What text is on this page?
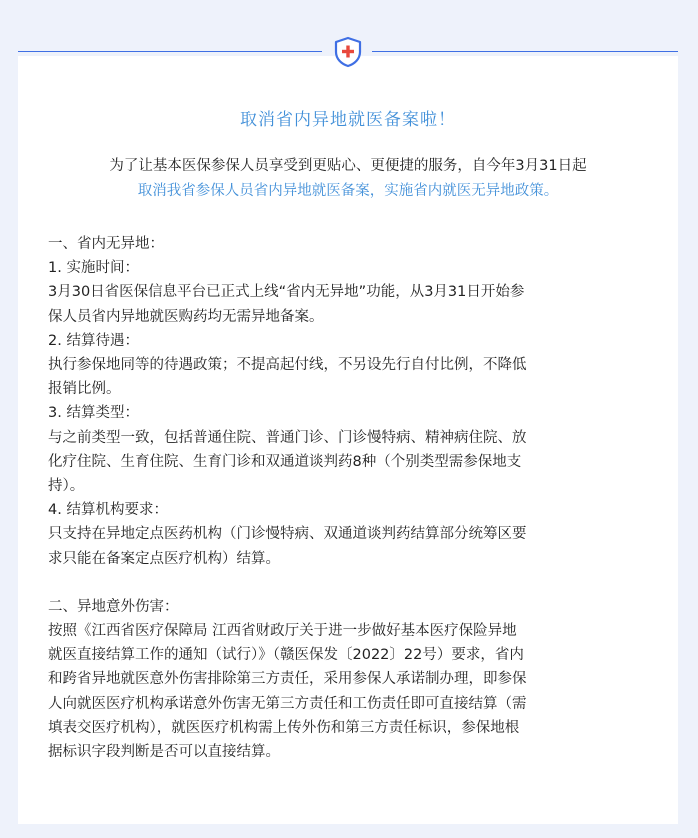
取消省内异地就医备案啦！
为了让基本医保参保人员享受到更贴心、更便捷的服务，自今年3月31日起
取消我省参保人员省内异地就医备案，实施省内就医无异地政策。

一、省内无异地：

1. 实施时间：

3月30日省医保信息平台已正式上线“省内无异地”功能，从3月31日开始参

保人员省内异地就医购药均无需异地备案。

2. 结算待遇：

执行参保地同等的待遇政策；不提高起付线，不另设先行自付比例，不降低

报销比例。

3. 结算类型：

与之前类型一致，包括普通住院、普通门诊、门诊慢特病、精神病住院、放

化疗住院、生育住院、生育门诊和双通道谈判药8种（个别类型需参保地支

持）。

4. 结算机构要求：

只支持在异地定点医药机构（门诊慢特病、双通道谈判药结算部分统筹区要

求只能在备案定点医疗机构）结算。

二、异地意外伤害：

按照《江西省医疗保障局 江西省财政厅关于进一步做好基本医疗保险异地

就医直接结算工作的通知（试行）》（赣医保发〔2022〕22号）要求，省内

和跨省异地就医意外伤害排除第三方责任，采用参保人承诺制办理，即参保

人向就医医疗机构承诺意外伤害无第三方责任和工伤责任即可直接结算（需

填表交医疗机构），就医医疗机构需上传外伤和第三方责任标识，参保地根

据标识字段判断是否可以直接结算。
